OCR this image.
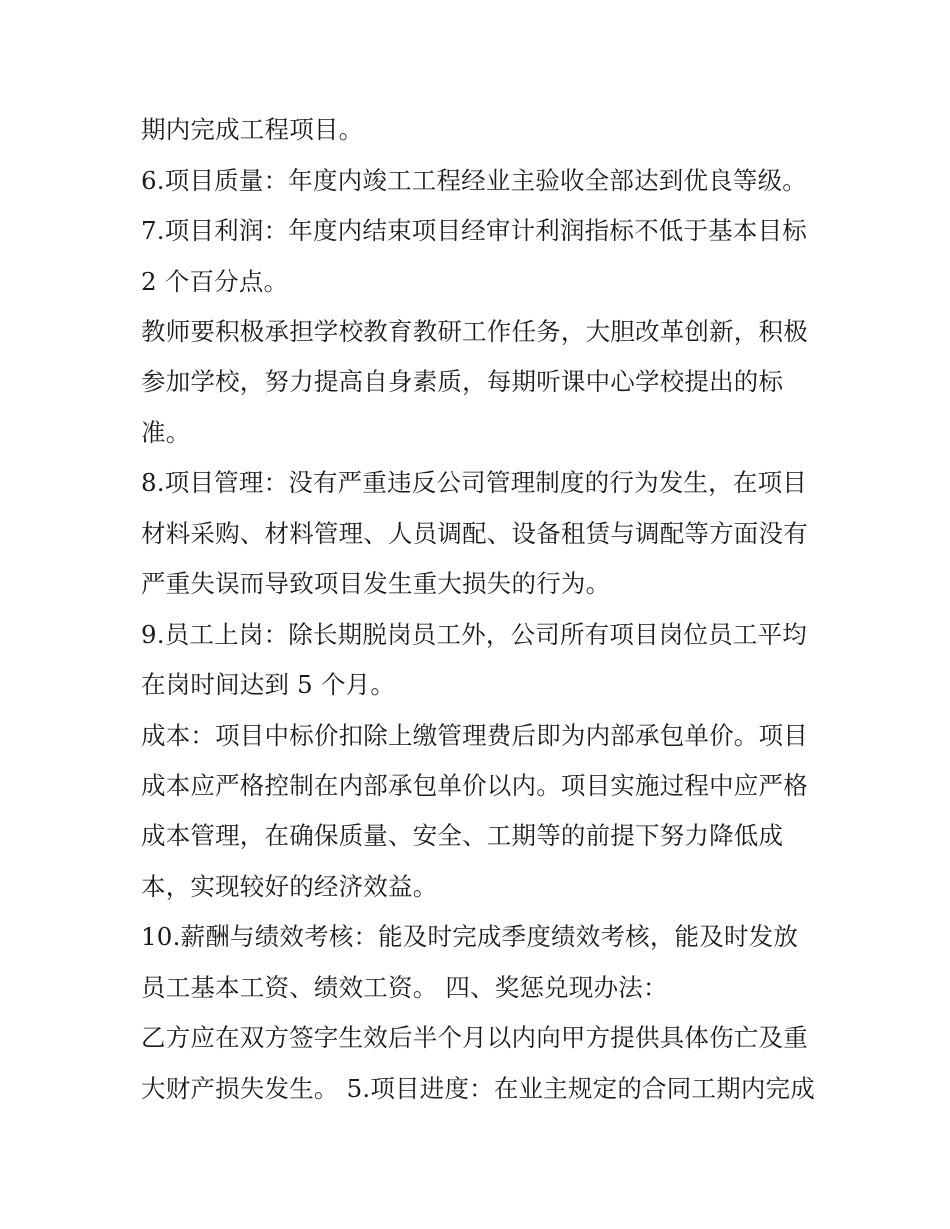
期内完成工程项目。
6.项目质量：年度内竣工工程经业主验收全部达到优良等级。
7.项目利润：年度内结束项目经审计利润指标不低于基本目标
2 个百分点。
教师要积极承担学校教育教研工作任务，大胆改革创新，积极
参加学校，努力提高自身素质，每期听课中心学校提出的标
准。
8.项目管理：没有严重违反公司管理制度的行为发生，在项目
材料采购、材料管理、人员调配、设备租赁与调配等方面没有
严重失误而导致项目发生重大损失的行为。
9.员工上岗：除长期脱岗员工外，公司所有项目岗位员工平均
在岗时间达到 5 个月。
成本：项目中标价扣除上缴管理费后即为内部承包单价。项目
成本应严格控制在内部承包单价以内。项目实施过程中应严格
成本管理，在确保质量、安全、工期等的前提下努力降低成
本，实现较好的经济效益。
10.薪酬与绩效考核：能及时完成季度绩效考核，能及时发放
员工基本工资、绩效工资。 四、奖惩兑现办法：
乙方应在双方签字生效后半个月以内向甲方提供具体伤亡及重
大财产损失发生。 5.项目进度：在业主规定的合同工期内完成
